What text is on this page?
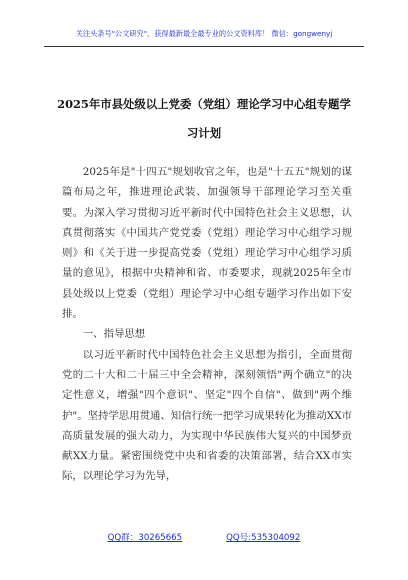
关注头条号"公文研究"，获得最新最全最专业的公文资料库！ 微信：gongwenyj
2025年市县处级以上党委（党组）理论学习中心组专题学
习计划

2025年是"十四五"规划收官之年，也是"十五五"规划的谋篇布局之年，推进理论武装、加强领导干部理论学习至关重要。为深入学习贯彻习近平新时代中国特色社会主义思想，认真贯彻落实《中国共产党党委（党组）理论学习中心组学习规则》和《关于进一步提高党委（党组）理论学习中心组学习质量的意见》，根据中央精神和省、市委要求，现就2025年全市县处级以上党委（党组）理论学习中心组专题学习作出如下安排。

一、指导思想

以习近平新时代中国特色社会主义思想为指引，全面贯彻党的二十大和二十届三中全会精神，深刻领悟"两个确立"的决定性意义，增强"四个意识"、坚定"四个自信"、做到"两个维护"。坚持学思用贯通、知信行统一把学习成果转化为推动XX市高质量发展的强大动力，为实现中华民族伟大复兴的中国梦贡献XX力量。紧密围绕党中央和省委的决策部署，结合XX市实际，以理论学习为先导，

QQ群：30265665	QQ号:535304092
